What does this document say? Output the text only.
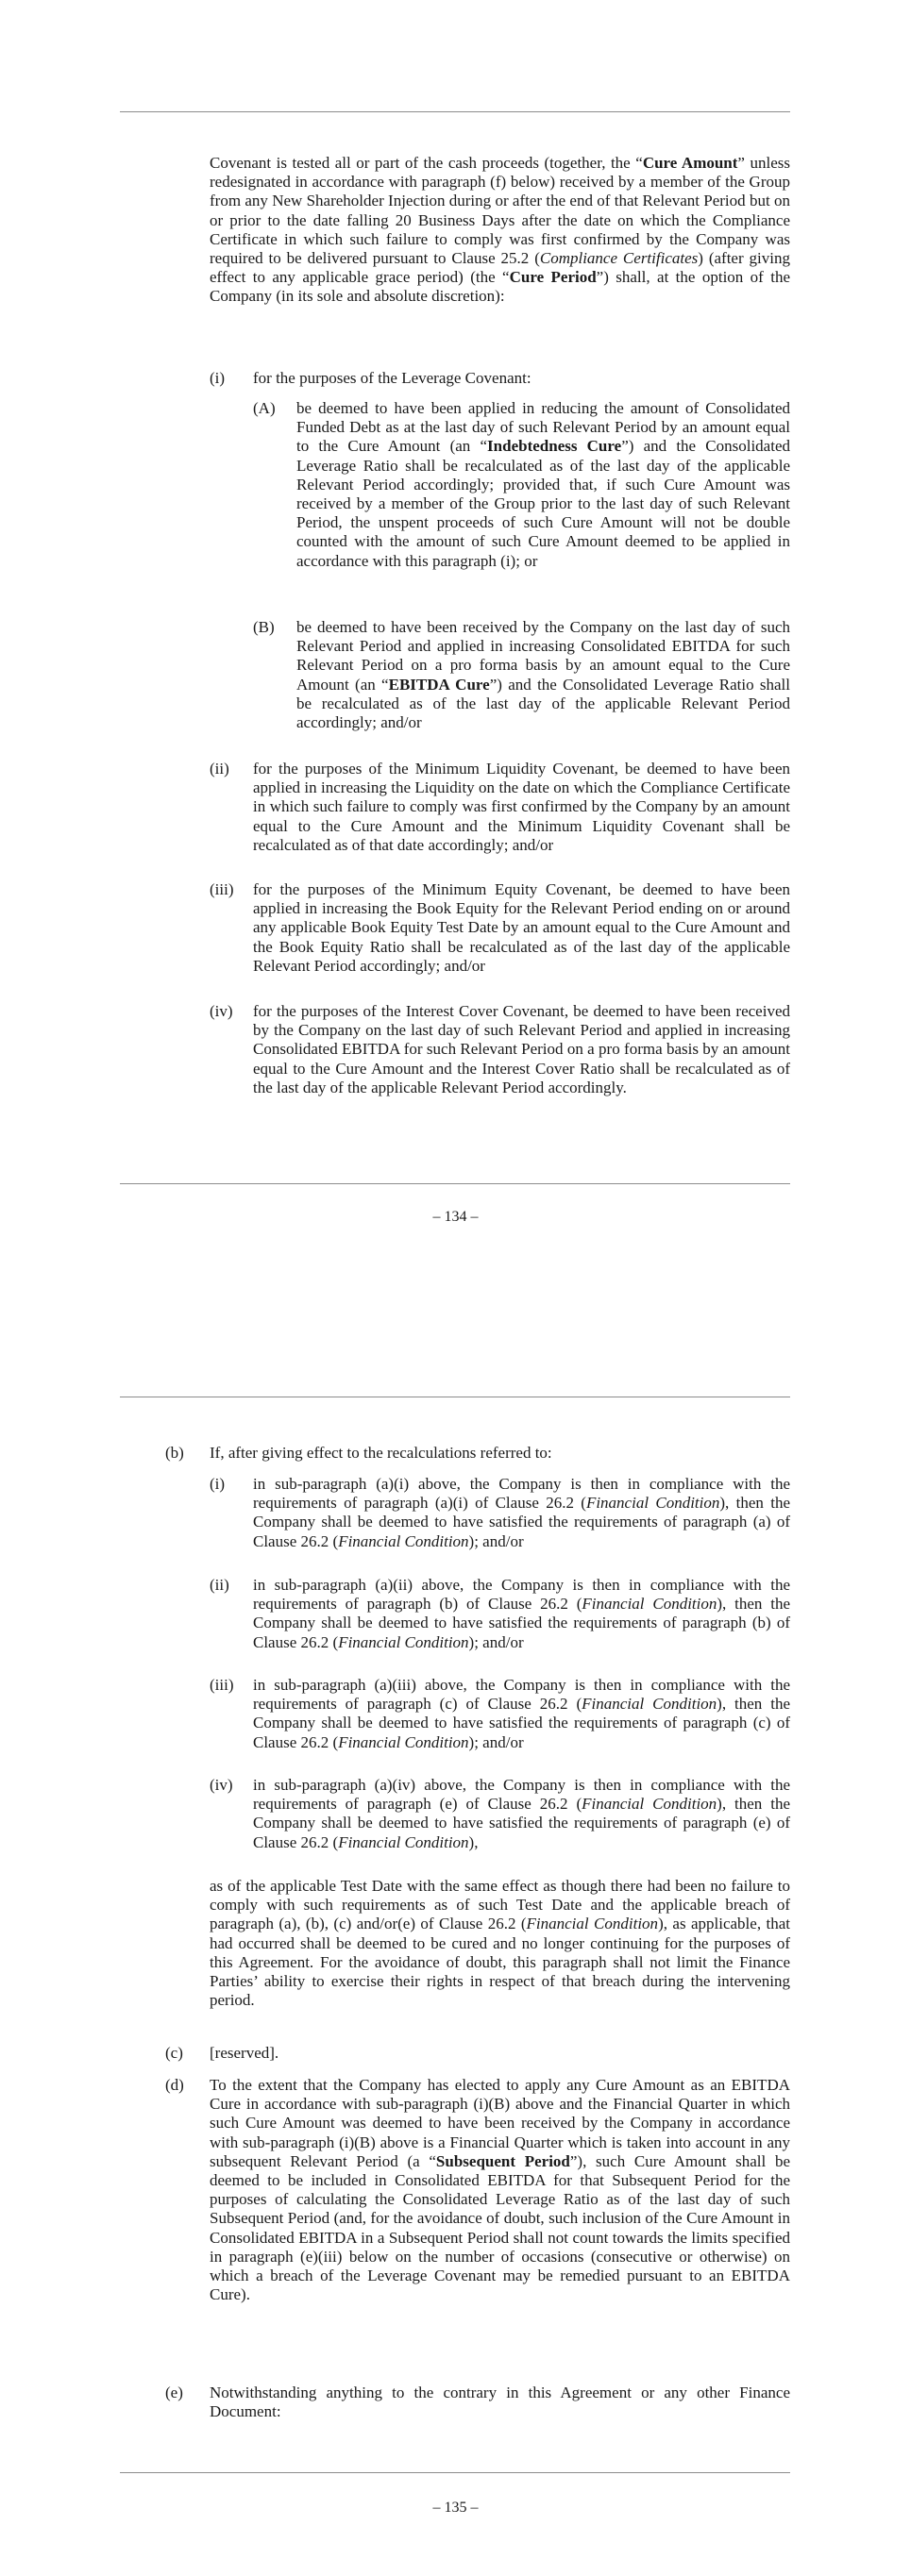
Covenant is tested all or part of the cash proceeds (together, the “Cure Amount” unless redesignated in accordance with paragraph (f) below) received by a member of the Group from any New Shareholder Injection during or after the end of that Relevant Period but on or prior to the date falling 20 Business Days after the date on which the Compliance Certificate in which such failure to comply was first confirmed by the Company was required to be delivered pursuant to Clause 25.2 (Compliance Certificates) (after giving effect to any applicable grace period) (the “Cure Period”) shall, at the option of the Company (in its sole and absolute discretion):
(i) for the purposes of the Leverage Covenant:
(A) be deemed to have been applied in reducing the amount of Consolidated Funded Debt as at the last day of such Relevant Period by an amount equal to the Cure Amount (an “Indebtedness Cure”) and the Consolidated Leverage Ratio shall be recalculated as of the last day of the applicable Relevant Period accordingly; provided that, if such Cure Amount was received by a member of the Group prior to the last day of such Relevant Period, the unspent proceeds of such Cure Amount will not be double counted with the amount of such Cure Amount deemed to be applied in accordance with this paragraph (i); or
(B) be deemed to have been received by the Company on the last day of such Relevant Period and applied in increasing Consolidated EBITDA for such Relevant Period on a pro forma basis by an amount equal to the Cure Amount (an “EBITDA Cure”) and the Consolidated Leverage Ratio shall be recalculated as of the last day of the applicable Relevant Period accordingly; and/or
(ii) for the purposes of the Minimum Liquidity Covenant, be deemed to have been applied in increasing the Liquidity on the date on which the Compliance Certificate in which such failure to comply was first confirmed by the Company by an amount equal to the Cure Amount and the Minimum Liquidity Covenant shall be recalculated as of that date accordingly; and/or
(iii) for the purposes of the Minimum Equity Covenant, be deemed to have been applied in increasing the Book Equity for the Relevant Period ending on or around any applicable Book Equity Test Date by an amount equal to the Cure Amount and the Book Equity Ratio shall be recalculated as of the last day of the applicable Relevant Period accordingly; and/or
(iv) for the purposes of the Interest Cover Covenant, be deemed to have been received by the Company on the last day of such Relevant Period and applied in increasing Consolidated EBITDA for such Relevant Period on a pro forma basis by an amount equal to the Cure Amount and the Interest Cover Ratio shall be recalculated as of the last day of the applicable Relevant Period accordingly.
– 134 –
(b) If, after giving effect to the recalculations referred to:
(i) in sub-paragraph (a)(i) above, the Company is then in compliance with the requirements of paragraph (a)(i) of Clause 26.2 (Financial Condition), then the Company shall be deemed to have satisfied the requirements of paragraph (a) of Clause 26.2 (Financial Condition); and/or
(ii) in sub-paragraph (a)(ii) above, the Company is then in compliance with the requirements of paragraph (b) of Clause 26.2 (Financial Condition), then the Company shall be deemed to have satisfied the requirements of paragraph (b) of Clause 26.2 (Financial Condition); and/or
(iii) in sub-paragraph (a)(iii) above, the Company is then in compliance with the requirements of paragraph (c) of Clause 26.2 (Financial Condition), then the Company shall be deemed to have satisfied the requirements of paragraph (c) of Clause 26.2 (Financial Condition); and/or
(iv) in sub-paragraph (a)(iv) above, the Company is then in compliance with the requirements of paragraph (e) of Clause 26.2 (Financial Condition), then the Company shall be deemed to have satisfied the requirements of paragraph (e) of Clause 26.2 (Financial Condition),
as of the applicable Test Date with the same effect as though there had been no failure to comply with such requirements as of such Test Date and the applicable breach of paragraph (a), (b), (c) and/or(e) of Clause 26.2 (Financial Condition), as applicable, that had occurred shall be deemed to be cured and no longer continuing for the purposes of this Agreement. For the avoidance of doubt, this paragraph shall not limit the Finance Parties’ ability to exercise their rights in respect of that breach during the intervening period.
(c) [reserved].
(d) To the extent that the Company has elected to apply any Cure Amount as an EBITDA Cure in accordance with sub-paragraph (i)(B) above and the Financial Quarter in which such Cure Amount was deemed to have been received by the Company in accordance with sub-paragraph (i)(B) above is a Financial Quarter which is taken into account in any subsequent Relevant Period (a “Subsequent Period”), such Cure Amount shall be deemed to be included in Consolidated EBITDA for that Subsequent Period for the purposes of calculating the Consolidated Leverage Ratio as of the last day of such Subsequent Period (and, for the avoidance of doubt, such inclusion of the Cure Amount in Consolidated EBITDA in a Subsequent Period shall not count towards the limits specified in paragraph (e)(iii) below on the number of occasions (consecutive or otherwise) on which a breach of the Leverage Covenant may be remedied pursuant to an EBITDA Cure).
(e) Notwithstanding anything to the contrary in this Agreement or any other Finance Document:
– 135 –
